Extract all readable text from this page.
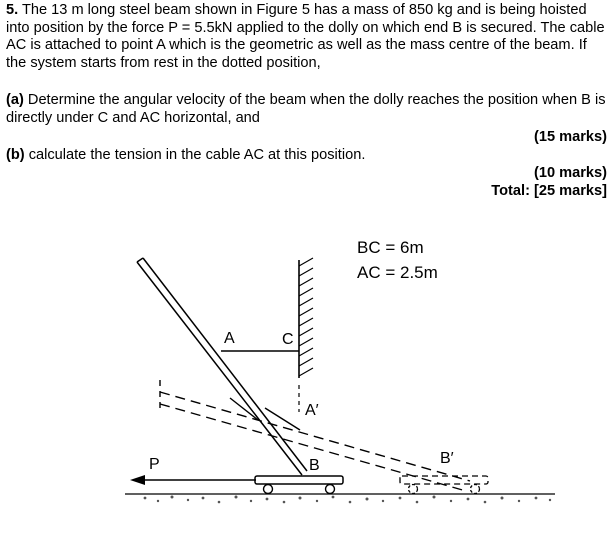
5. The 13 m long steel beam shown in Figure 5 has a mass of 850 kg and is being hoisted into position by the force P = 5.5kN applied to the dolly on which end B is secured. The cable AC is attached to point A which is the geometric as well as the mass centre of the beam. If the system starts from rest in the dotted position,
(a) Determine the angular velocity of the beam when the dolly reaches the position when B is directly under C and AC horizontal, and
(15 marks)
(b) calculate the tension in the cable AC at this position.
(10 marks)
Total: [25 marks]
A	C
A′
B	B′
P
BC = 6m
AC = 2.5m
